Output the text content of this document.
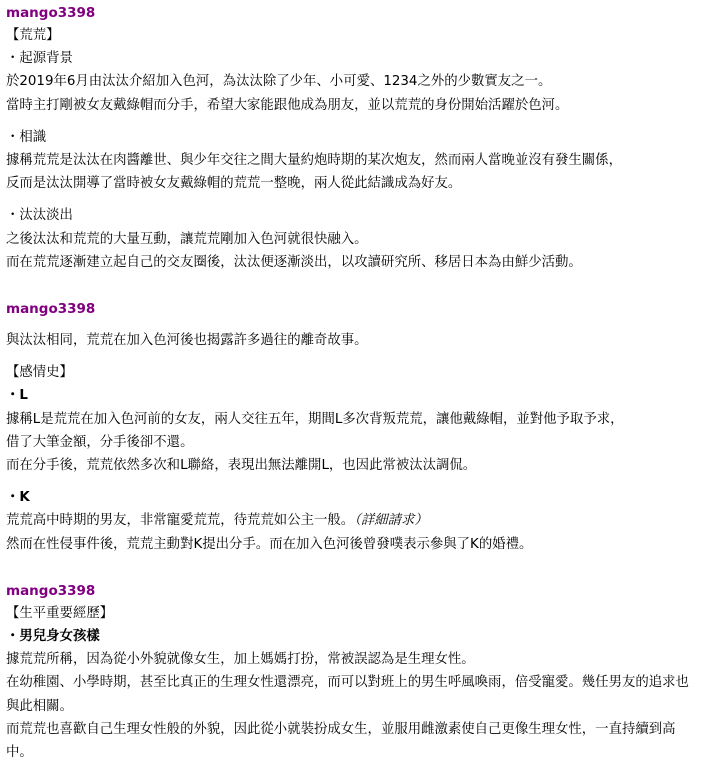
mango3398
【荒荒】
・起源背景
於2019年6月由汰汰介紹加入色河，為汰汰除了少年、小可愛、1234之外的少數實友之一。
當時主打剛被女友戴綠帽而分手，希望大家能跟他成為朋友，並以荒荒的身份開始活躍於色河。
・相識
據稱荒荒是汰汰在肉醬離世、與少年交往之間大量約炮時期的某次炮友，然而兩人當晚並沒有發生關係，
反而是汰汰開導了當時被女友戴綠帽的荒荒一整晚，兩人從此結識成為好友。
・汰汰淡出
之後汰汰和荒荒的大量互動，讓荒荒剛加入色河就很快融入。
而在荒荒逐漸建立起自己的交友圈後，汰汰便逐漸淡出，以攻讀研究所、移居日本為由鮮少活動。
mango3398
與汰汰相同，荒荒在加入色河後也揭露許多過往的離奇故事。
【感情史】
・L
據稱L是荒荒在加入色河前的女友，兩人交往五年，期間L多次背叛荒荒，讓他戴綠帽，並對他予取予求，
借了大筆金額，分手後卻不還。
而在分手後，荒荒依然多次和L聯絡，表現出無法離開L，也因此常被汰汰調侃。
・K
荒荒高中時期的男友，非常寵愛荒荒，待荒荒如公主一般。（詳細請求）
然而在性侵事件後，荒荒主動對K提出分手。而在加入色河後曾發噗表示參與了K的婚禮。
mango3398
【生平重要經歷】
・男兒身女孩樣
據荒荒所稱，因為從小外貌就像女生，加上媽媽打扮，常被誤認為是生理女性。
在幼稚園、小學時期，甚至比真正的生理女性還漂亮，而可以對班上的男生呼風喚雨，倍受寵愛。幾任男友的追求也與此相關。
而荒荒也喜歡自己生理女性般的外貌，因此從小就裝扮成女生，並服用雌激素使自己更像生理女性，一直持續到高中。
